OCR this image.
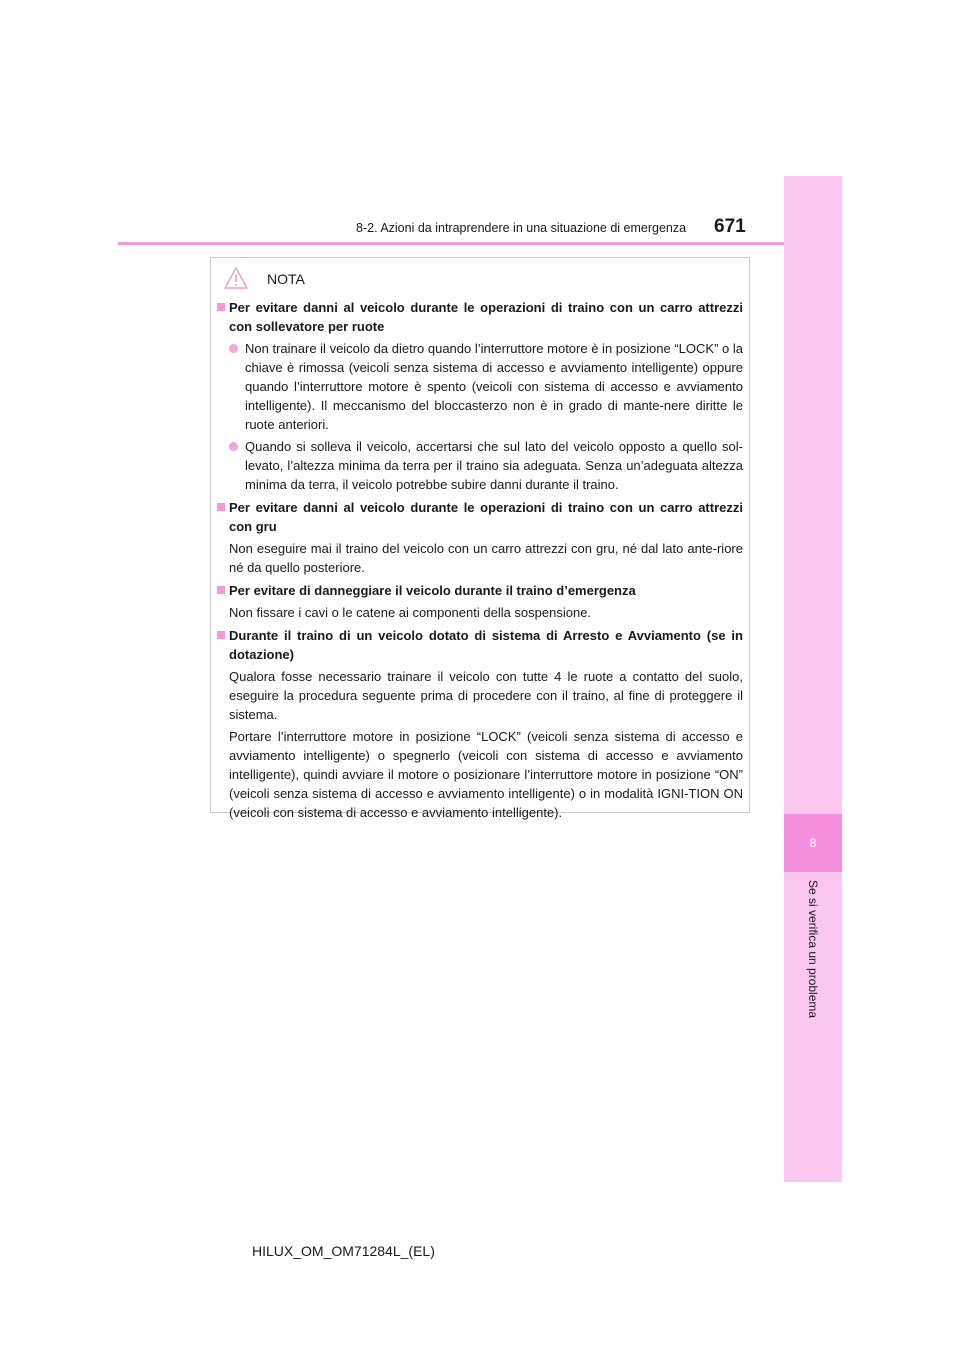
8-2. Azioni da intraprendere in una situazione di emergenza 671
8
Se si verifica un problema
NOTA
Per evitare danni al veicolo durante le operazioni di traino con un carro attrezzi con sollevatore per ruote
Non trainare il veicolo da dietro quando l’interruttore motore è in posizione “LOCK” o la chiave è rimossa (veicoli senza sistema di accesso e avviamento intelligente) oppure quando l’interruttore motore è spento (veicoli con sistema di accesso e avviamento intelligente). Il meccanismo del bloccasterzo non è in grado di mante-nere diritte le ruote anteriori.
Quando si solleva il veicolo, accertarsi che sul lato del veicolo opposto a quello sol-levato, l’altezza minima da terra per il traino sia adeguata. Senza un’adeguata altezza minima da terra, il veicolo potrebbe subire danni durante il traino.
Per evitare danni al veicolo durante le operazioni di traino con un carro attrezzi con gru
Non eseguire mai il traino del veicolo con un carro attrezzi con gru, né dal lato ante-riore né da quello posteriore.
Per evitare di danneggiare il veicolo durante il traino d’emergenza
Non fissare i cavi o le catene ai componenti della sospensione.
Durante il traino di un veicolo dotato di sistema di Arresto e Avviamento (se in dotazione)
Qualora fosse necessario trainare il veicolo con tutte 4 le ruote a contatto del suolo, eseguire la procedura seguente prima di procedere con il traino, al fine di proteggere il sistema.
Portare l’interruttore motore in posizione “LOCK” (veicoli senza sistema di accesso e avviamento intelligente) o spegnerlo (veicoli con sistema di accesso e avviamento intelligente), quindi avviare il motore o posizionare l’interruttore motore in posizione “ON” (veicoli senza sistema di accesso e avviamento intelligente) o in modalità IGNI-TION ON (veicoli con sistema di accesso e avviamento intelligente).
HILUX_OM_OM71284L_(EL)
